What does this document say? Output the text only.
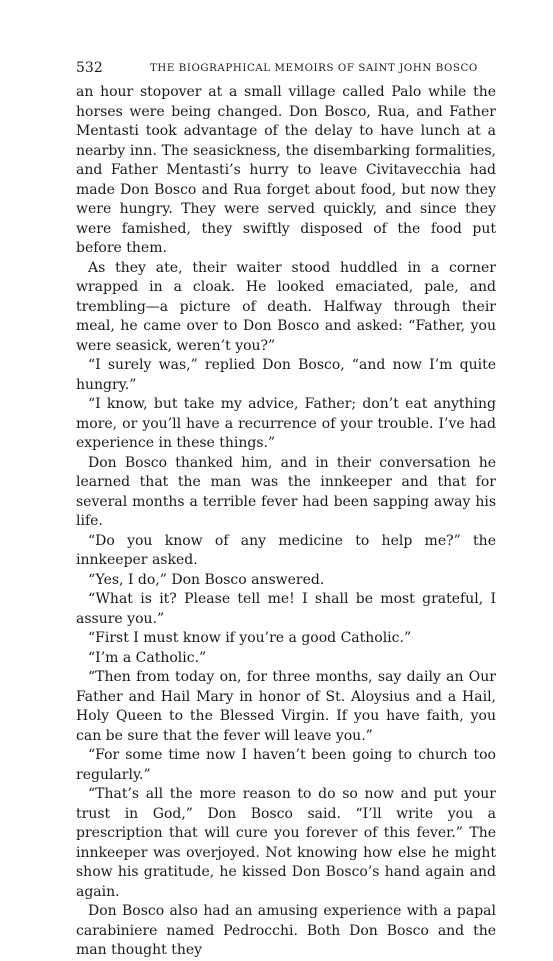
532	THE BIOGRAPHICAL MEMOIRS OF SAINT JOHN BOSCO

an hour stopover at a small village called Palo while the horses were being changed. Don Bosco, Rua, and Father Mentasti took advantage of the delay to have lunch at a nearby inn. The seasickness, the disembarking formalities, and Father Mentasti’s hurry to leave Civitavecchia had made Don Bosco and Rua forget about food, but now they were hungry. They were served quickly, and since they were famished, they swiftly disposed of the food put before them.

As they ate, their waiter stood huddled in a corner wrapped in a cloak. He looked emaciated, pale, and trembling—a picture of death. Halfway through their meal, he came over to Don Bosco and asked: “Father, you were seasick, weren’t you?”

“I surely was,” replied Don Bosco, “and now I’m quite hungry.”

“I know, but take my advice, Father; don’t eat anything more, or you’ll have a recurrence of your trouble. I’ve had experience in these things.”

Don Bosco thanked him, and in their conversation he learned that the man was the innkeeper and that for several months a terrible fever had been sapping away his life.

“Do you know of any medicine to help me?” the innkeeper asked.

“Yes, I do,” Don Bosco answered.

“What is it? Please tell me! I shall be most grateful, I assure you.”

“First I must know if you’re a good Catholic.”

“I’m a Catholic.”

“Then from today on, for three months, say daily an Our Father and Hail Mary in honor of St. Aloysius and a Hail, Holy Queen to the Blessed Virgin. If you have faith, you can be sure that the fever will leave you.”

“For some time now I haven’t been going to church too regularly.”

“That’s all the more reason to do so now and put your trust in God,” Don Bosco said. “I’ll write you a prescription that will cure you forever of this fever.” The innkeeper was overjoyed. Not knowing how else he might show his gratitude, he kissed Don Bosco’s hand again and again.

Don Bosco also had an amusing experience with a papal carabiniere named Pedrocchi. Both Don Bosco and the man thought they
